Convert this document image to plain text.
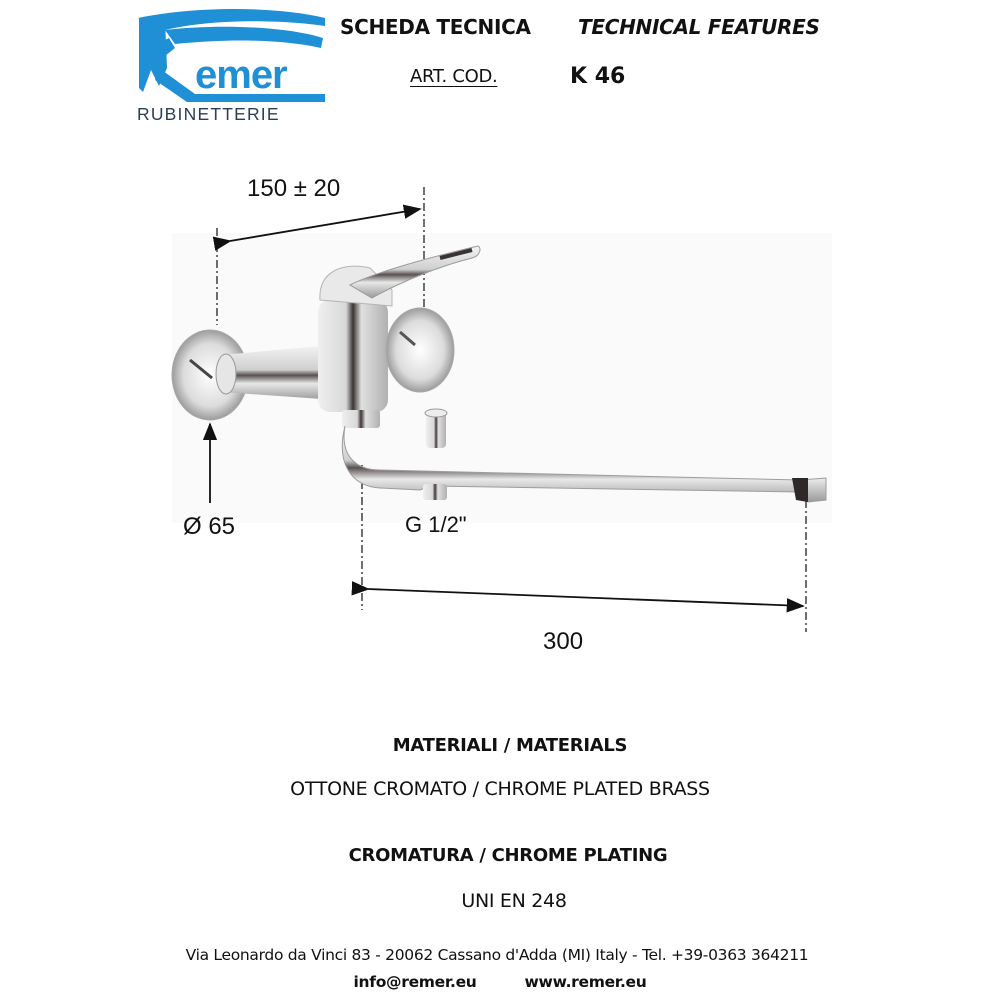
emer
RUBINETTERIE
SCHEDA TECNICA TECHNICAL FEATURES
ART. COD.	K 46
150 ± 20
Ø 65	G 1/2"
300
MATERIALI / MATERIALS
OTTONE CROMATO / CHROME PLATED BRASS
CROMATURA / CHROME PLATING
UNI EN 248
Via Leonardo da Vinci 83 - 20062 Cassano d'Adda (MI) Italy - Tel. +39-0363 364211
info@remer.eu	www.remer.eu
